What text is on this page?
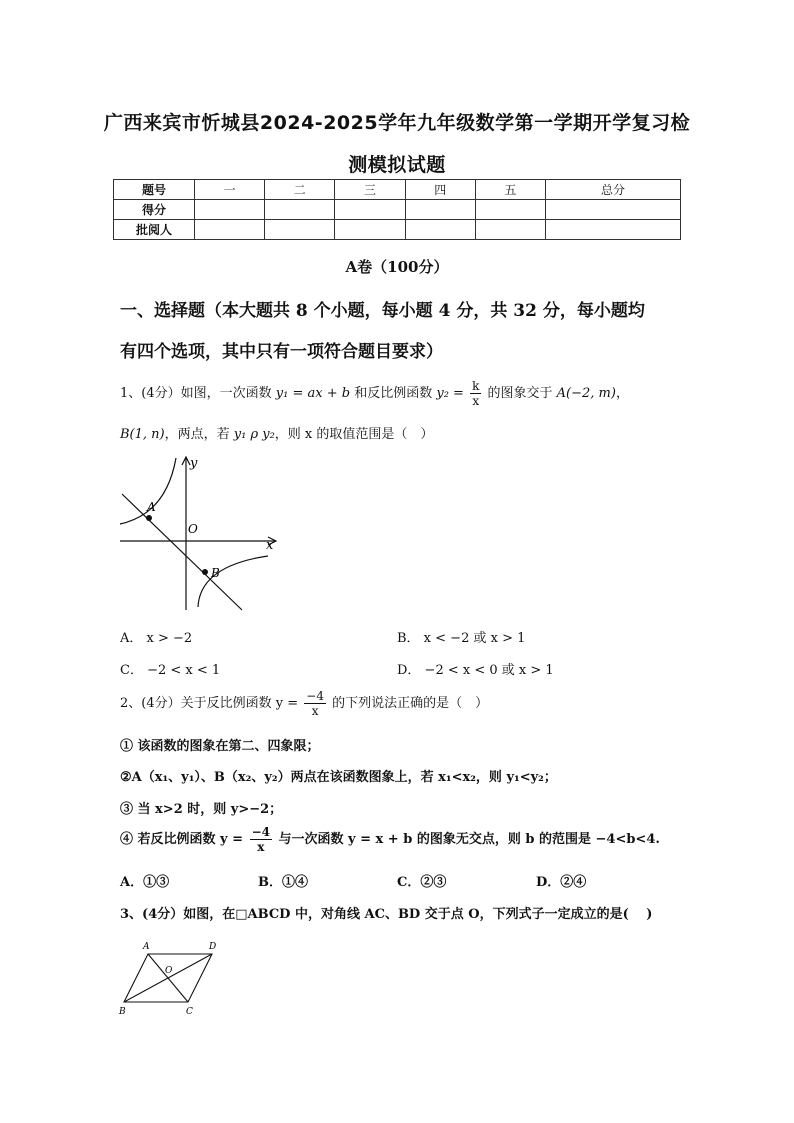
广西来宾市忻城县2024-2025学年九年级数学第一学期开学复习检
测模拟试题
题号	一	二	三	四	五	总分
得分						
批阅人						
A卷（100分）
一、选择题（本大题共 8 个小题，每小题 4 分，共 32 分，每小题均
有四个选项，其中只有一项符合题目要求）
1、(4分）如图，一次函数 y₁ = ax + b 和反比例函数 $y_2 = \frac{k}{x}$ 的图象交于 A(−2, m)，
B(1, n)，两点，若 y₁ ρ y₂，则 x 的取值范围是（　）
y
x
O
A
B
A． x > −2	B． x < −2 或 x > 1
C． −2 < x < 1	D． −2 < x < 0 或 x > 1
2、(4分）关于反比例函数 $y = \frac{-4}{x}$ 的下列说法正确的是（　）
① 该函数的图象在第二、四象限；
②A（x₁、y₁）、B（x₂、y₂）两点在该函数图象上，若 x₁<x₂，则 y₁<y₂；
③ 当 x>2 时，则 y>−2；
④ 若反比例函数 $y = \frac{-4}{x}$ 与一次函数 y = x + b 的图象无交点，则 b 的范围是 −4<b<4.
A．①③	B．①④	C．②③	D．②④
3、(4分）如图，在□ABCD 中，对角线 AC、BD 交于点 O，下列式子一定成立的是(　 )
A	D
B	C
O
